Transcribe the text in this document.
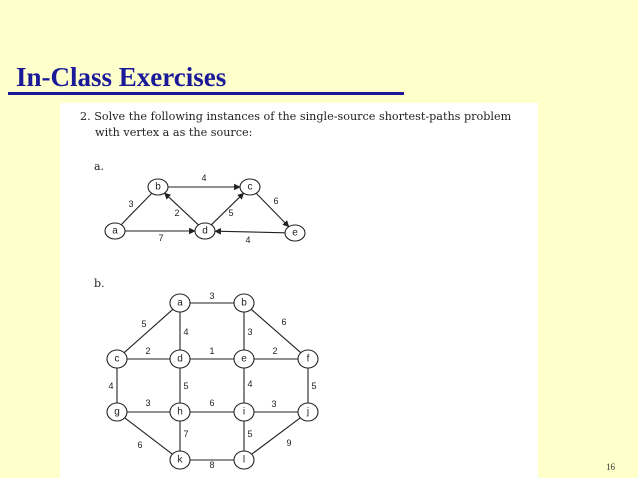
In-Class Exercises
2. Solve the following instances of the single-source shortest-paths problem
with vertex a as the source:
a.
b.
3
4
2	5
7
6
4
a
b	c
d	e
3
5
4	3
6
2	1	2
4	5	4	5
3	6	3
6
7	5
9
8
a	b
c	d	e	f
g	h	i	j
k	l
16
